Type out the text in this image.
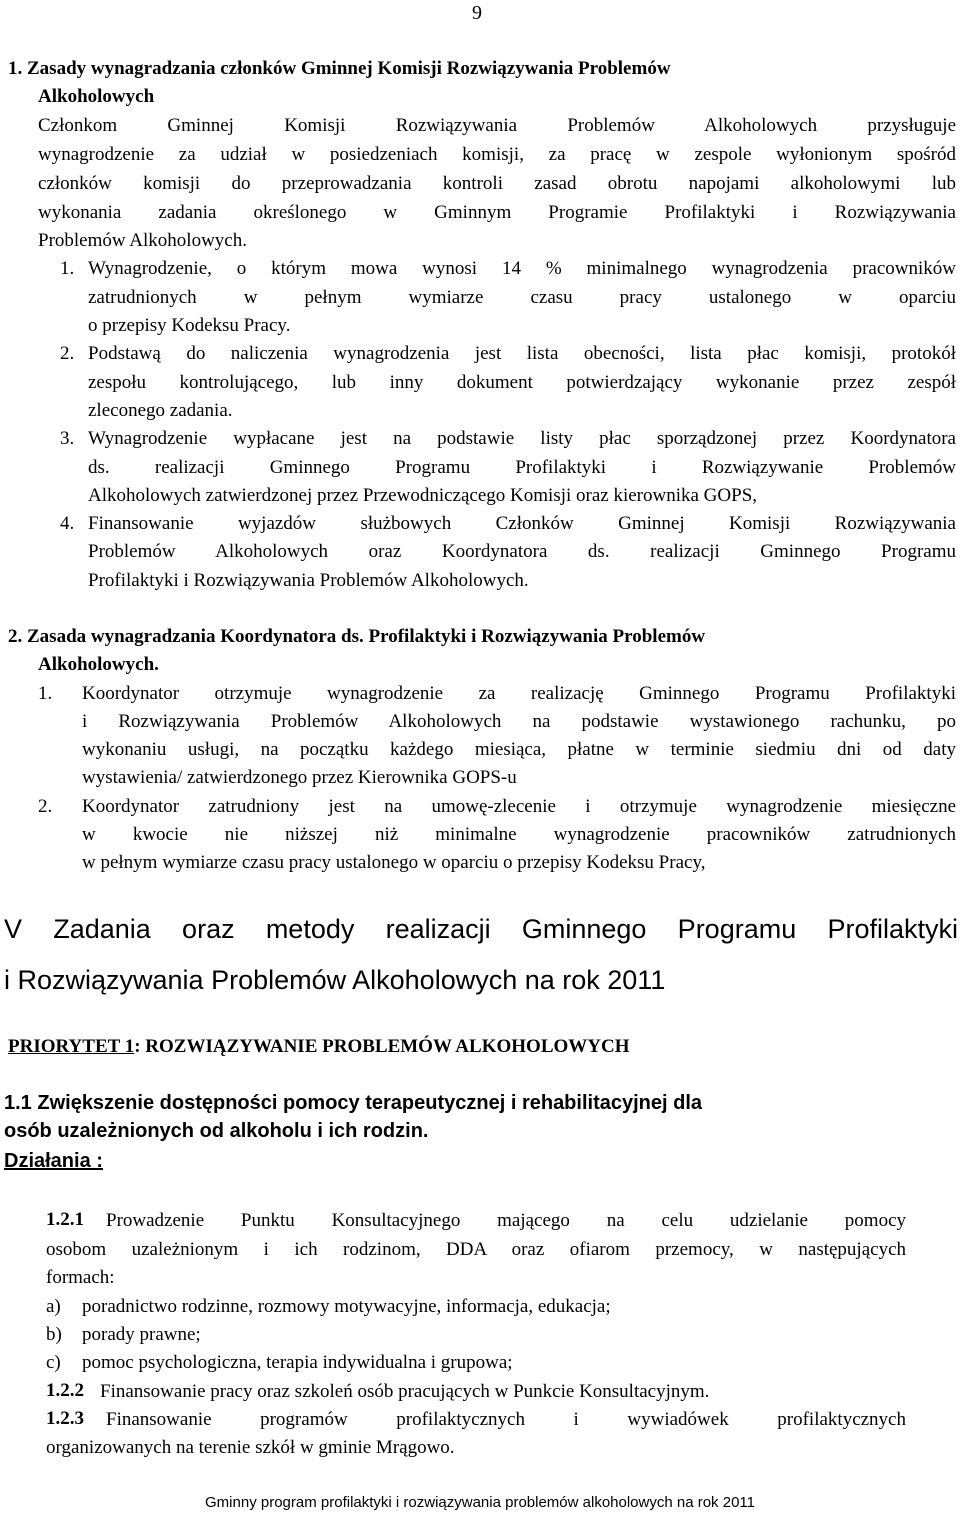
9
1. Zasady wynagradzania członków Gminnej Komisji Rozwiązywania Problemów
Alkoholowych
Członkom Gminnej Komisji Rozwiązywania Problemów Alkoholowych przysługuje
wynagrodzenie za udział w posiedzeniach komisji, za pracę w zespole wyłonionym spośród
członków komisji do przeprowadzania kontroli zasad obrotu napojami alkoholowymi lub
wykonania zadania określonego w Gminnym Programie Profilaktyki i Rozwiązywania
Problemów Alkoholowych.
1. Wynagrodzenie, o którym mowa wynosi 14 % minimalnego wynagrodzenia pracowników
zatrudnionych w pełnym wymiarze czasu pracy ustalonego w oparciu
o przepisy Kodeksu Pracy.
2. Podstawą do naliczenia wynagrodzenia jest lista obecności, lista płac komisji, protokół
zespołu kontrolującego, lub inny dokument potwierdzający wykonanie przez zespół
zleconego zadania.
3. Wynagrodzenie wypłacane jest na podstawie listy płac sporządzonej przez Koordynatora
ds. realizacji Gminnego Programu Profilaktyki i Rozwiązywanie Problemów
Alkoholowych zatwierdzonej przez Przewodniczącego Komisji oraz kierownika GOPS,
4. Finansowanie wyjazdów służbowych Członków Gminnej Komisji Rozwiązywania
Problemów Alkoholowych oraz Koordynatora ds. realizacji Gminnego Programu
Profilaktyki i Rozwiązywania Problemów Alkoholowych.
2. Zasada wynagradzania Koordynatora ds. Profilaktyki i Rozwiązywania Problemów
Alkoholowych.
1. Koordynator otrzymuje wynagrodzenie za realizację Gminnego Programu Profilaktyki
i Rozwiązywania Problemów Alkoholowych na podstawie wystawionego rachunku, po
wykonaniu usługi, na początku każdego miesiąca, płatne w terminie siedmiu dni od daty
wystawienia/ zatwierdzonego przez Kierownika GOPS-u
2. Koordynator zatrudniony jest na umowę-zlecenie i otrzymuje wynagrodzenie miesięczne
w kwocie nie niższej niż minimalne wynagrodzenie pracowników zatrudnionych
w pełnym wymiarze czasu pracy ustalonego w oparciu o przepisy Kodeksu Pracy,
V Zadania oraz metody realizacji Gminnego Programu Profilaktyki
i Rozwiązywania Problemów Alkoholowych na rok 2011
PRIORYTET 1: ROZWIĄZYWANIE PROBLEMÓW ALKOHOLOWYCH
1.1 Zwiększenie dostępności pomocy terapeutycznej i rehabilitacyjnej dla
osób uzależnionych od alkoholu i ich rodzin.
Działania :
1.2.1 Prowadzenie Punktu Konsultacyjnego mającego na celu udzielanie pomocy
osobom uzależnionym i ich rodzinom, DDA oraz ofiarom przemocy, w następujących
formach:
a) poradnictwo rodzinne, rozmowy motywacyjne, informacja, edukacja;
b) porady prawne;
c) pomoc psychologiczna, terapia indywidualna i grupowa;
1.2.2 Finansowanie pracy oraz szkoleń osób pracujących w Punkcie Konsultacyjnym.
1.2.3 Finansowanie programów profilaktycznych i wywiadówek profilaktycznych
organizowanych na terenie szkół w gminie Mrągowo.
Gminny program profilaktyki i rozwiązywania problemów alkoholowych na rok 2011
